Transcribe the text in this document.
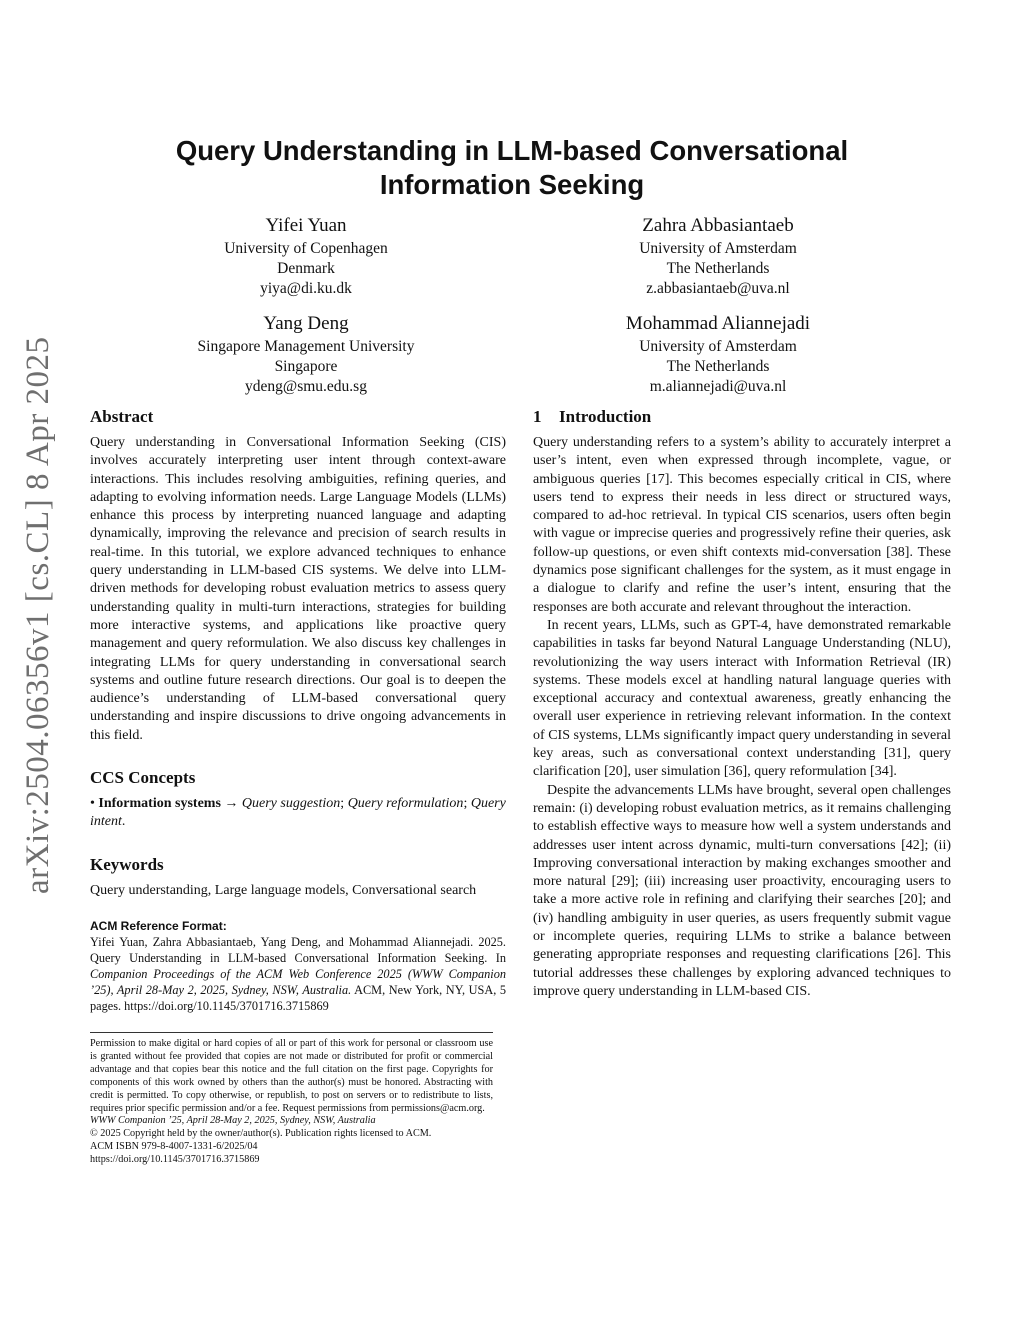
arXiv:2504.06356v1 [cs.CL] 8 Apr 2025
Query Understanding in LLM-based Conversational Information Seeking
Yifei Yuan
University of Copenhagen
Denmark
yiya@di.ku.dk
Zahra Abbasiantaeb
University of Amsterdam
The Netherlands
z.abbasiantaeb@uva.nl
Yang Deng
Singapore Management University
Singapore
ydeng@smu.edu.sg
Mohammad Aliannejadi
University of Amsterdam
The Netherlands
m.aliannejadi@uva.nl
Abstract

Query understanding in Conversational Information Seeking (CIS) involves accurately interpreting user intent through context-aware interactions. This includes resolving ambiguities, refining queries, and adapting to evolving information needs. Large Language Models (LLMs) enhance this process by interpreting nuanced language and adapting dynamically, improving the relevance and precision of search results in real-time. In this tutorial, we explore advanced techniques to enhance query understanding in LLM-based CIS systems. We delve into LLM-driven methods for developing robust evaluation metrics to assess query understanding quality in multi-turn interactions, strategies for building more interactive systems, and applications like proactive query management and query reformulation. We also discuss key challenges in integrating LLMs for query understanding in conversational search systems and outline future research directions. Our goal is to deepen the audience’s understanding of LLM-based conversational query understanding and inspire discussions to drive ongoing advancements in this field.

CCS Concepts

• Information systems → Query suggestion; Query reformulation; Query intent.

Keywords

Query understanding, Large language models, Conversational search

ACM Reference Format:

Yifei Yuan, Zahra Abbasiantaeb, Yang Deng, and Mohammad Aliannejadi. 2025. Query Understanding in LLM-based Conversational Information Seeking. In Companion Proceedings of the ACM Web Conference 2025 (WWW Companion ’25), April 28-May 2, 2025, Sydney, NSW, Australia. ACM, New York, NY, USA, 5 pages. https://doi.org/10.1145/3701716.3715869

Permission to make digital or hard copies of all or part of this work for personal or classroom use is granted without fee provided that copies are not made or distributed for profit or commercial advantage and that copies bear this notice and the full citation on the first page. Copyrights for components of this work owned by others than the author(s) must be honored. Abstracting with credit is permitted. To copy otherwise, or republish, to post on servers or to redistribute to lists, requires prior specific permission and/or a fee. Request permissions from permissions@acm.org.

WWW Companion ’25, April 28-May 2, 2025, Sydney, NSW, Australia

© 2025 Copyright held by the owner/author(s). Publication rights licensed to ACM.

ACM ISBN 979-8-4007-1331-6/2025/04

https://doi.org/10.1145/3701716.3715869

1 Introduction

Query understanding refers to a system’s ability to accurately interpret a user’s intent, even when expressed through incomplete, vague, or ambiguous queries [17]. This becomes especially critical in CIS, where users tend to express their needs in less direct or structured ways, compared to ad-hoc retrieval. In typical CIS scenarios, users often begin with vague or imprecise queries and progressively refine their queries, ask follow-up questions, or even shift contexts mid-conversation [38]. These dynamics pose significant challenges for the system, as it must engage in a dialogue to clarify and refine the user’s intent, ensuring that the responses are both accurate and relevant throughout the interaction.

In recent years, LLMs, such as GPT-4, have demonstrated remarkable capabilities in tasks far beyond Natural Language Understanding (NLU), revolutionizing the way users interact with Information Retrieval (IR) systems. These models excel at handling natural language queries with exceptional accuracy and contextual awareness, greatly enhancing the overall user experience in retrieving relevant information. In the context of CIS systems, LLMs significantly impact query understanding in several key areas, such as conversational context understanding [31], query clarification [20], user simulation [36], query reformulation [34].

Despite the advancements LLMs have brought, several open challenges remain: (i) developing robust evaluation metrics, as it remains challenging to establish effective ways to measure how well a system understands and addresses user intent across dynamic, multi-turn conversations [42]; (ii) Improving conversational interaction by making exchanges smoother and more natural [29]; (iii) increasing user proactivity, encouraging users to take a more active role in refining and clarifying their searches [20]; and (iv) handling ambiguity in user queries, as users frequently submit vague or incomplete queries, requiring LLMs to strike a balance between generating appropriate responses and requesting clarifications [26]. This tutorial addresses these challenges by exploring advanced techniques to improve query understanding in LLM-based CIS.
